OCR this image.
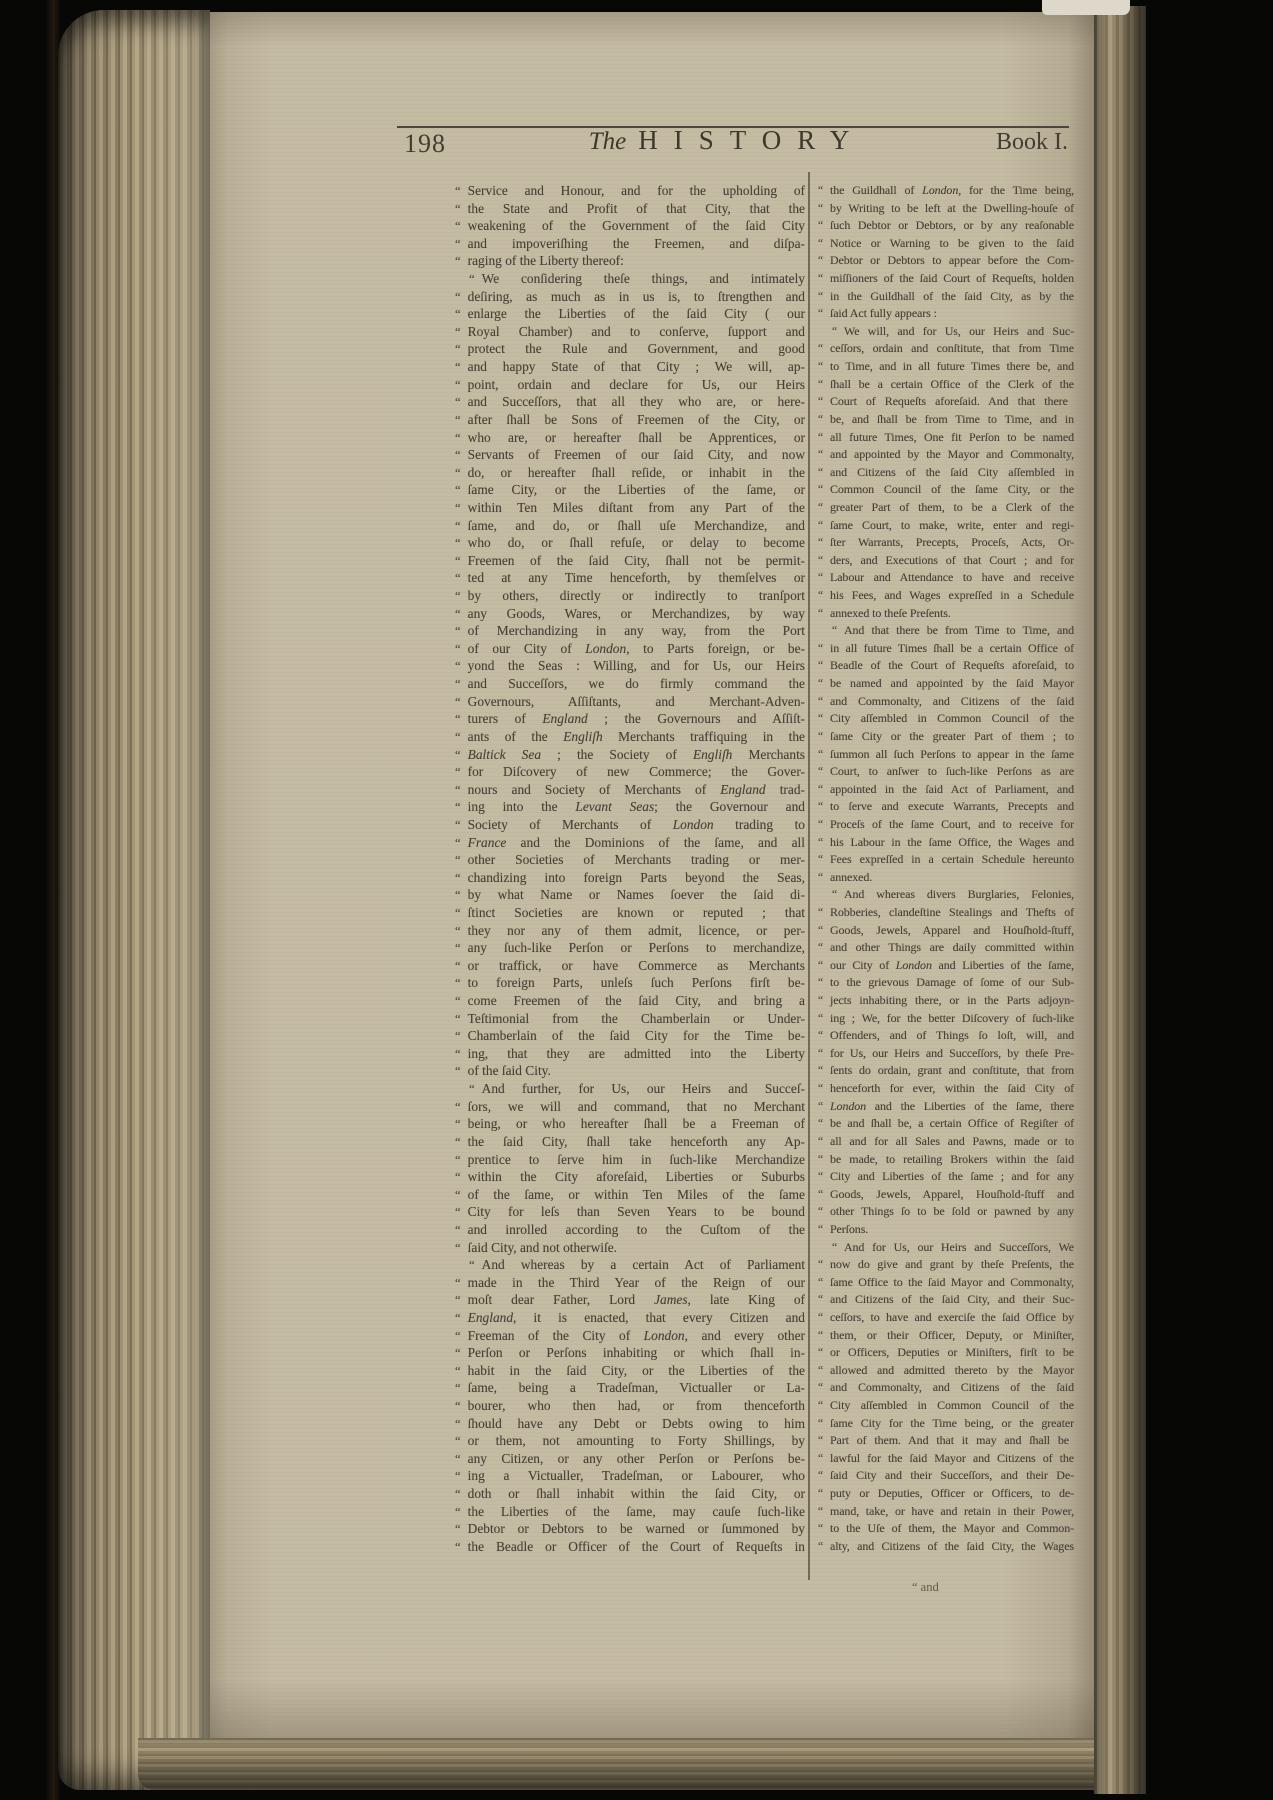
198	The HISTORY	Book I.
“ Service and Honour, and for the upholding of
“ the State and Profit of that City, that the
“ weakening of the Government of the ſaid City
“ and impoveriſhing the Freemen, and diſpa-
“ raging of the Liberty thereof:
“ We conſidering theſe things, and intimately
“ deſiring, as much as in us is, to ſtrengthen and
“ enlarge the Liberties of the ſaid City ( our
“ Royal Chamber) and to conſerve, ſupport and
“ protect the Rule and Government, and good
“ and happy State of that City ; We will, ap-
“ point, ordain and declare for Us, our Heirs
“ and Succeſſors, that all they who are, or here-
“ after ſhall be Sons of Freemen of the City, or
“ who are, or hereafter ſhall be Apprentices, or
“ Servants of Freemen of our ſaid City, and now
“ do, or hereafter ſhall reſide, or inhabit in the
“ ſame City, or the Liberties of the ſame, or
“ within Ten Miles diſtant from any Part of the
“ ſame, and do, or ſhall uſe Merchandize, and
“ who do, or ſhall refuſe, or delay to become
“ Freemen of the ſaid City, ſhall not be permit-
“ ted at any Time henceforth, by themſelves or
“ by others, directly or indirectly to tranſport
“ any Goods, Wares, or Merchandizes, by way
“ of Merchandizing in any way, from the Port
“ of our City of London, to Parts foreign, or be-
“ yond the Seas : Willing, and for Us, our Heirs
“ and Succeſſors, we do firmly command the
“ Governours, Aſſiſtants, and Merchant-Adven-
“ turers of England ; the Governours and Aſſiſt-
“ ants of the Engliſh Merchants traffiquing in the
“ Baltick Sea ; the Society of Engliſh Merchants
“ for Diſcovery of new Commerce; the Gover-
“ nours and Society of Merchants of England trad-
“ ing into the Levant Seas; the Governour and
“ Society of Merchants of London trading to
“ France and the Dominions of the ſame, and all
“ other Societies of Merchants trading or mer-
“ chandizing into foreign Parts beyond the Seas,
“ by what Name or Names ſoever the ſaid di-
“ ſtinct Societies are known or reputed ; that
“ they nor any of them admit, licence, or per-
“ any ſuch-like Perſon or Perſons to merchandize,
“ or traffick, or have Commerce as Merchants
“ to foreign Parts, unleſs ſuch Perſons firſt be-
“ come Freemen of the ſaid City, and bring a
“ Teſtimonial from the Chamberlain or Under-
“ Chamberlain of the ſaid City for the Time be-
“ ing, that they are admitted into the Liberty
“ of the ſaid City.
“ And further, for Us, our Heirs and Succeſ-
“ ſors, we will and command, that no Merchant
“ being, or who hereafter ſhall be a Freeman of
“ the ſaid City, ſhall take henceforth any Ap-
“ prentice to ſerve him in ſuch-like Merchandize
“ within the City aforeſaid, Liberties or Suburbs
“ of the ſame, or within Ten Miles of the ſame
“ City for leſs than Seven Years to be bound
“ and inrolled according to the Cuſtom of the
“ ſaid City, and not otherwiſe.
“ And whereas by a certain Act of Parliament
“ made in the Third Year of the Reign of our
“ moſt dear Father, Lord James, late King of
“ England, it is enacted, that every Citizen and
“ Freeman of the City of London, and every other
“ Perſon or Perſons inhabiting or which ſhall in-
“ habit in the ſaid City, or the Liberties of the
“ ſame, being a Tradeſman, Victualler or La-
“ bourer, who then had, or from thenceforth
“ ſhould have any Debt or Debts owing to him
“ or them, not amounting to Forty Shillings, by
“ any Citizen, or any other Perſon or Perſons be-
“ ing a Victualler, Tradeſman, or Labourer, who
“ doth or ſhall inhabit within the ſaid City, or
“ the Liberties of the ſame, may cauſe ſuch-like
“ Debtor or Debtors to be warned or ſummoned by
“ the Beadle or Officer of the Court of Requeſts in
“ the Guildhall of London, for the Time being,
“ by Writing to be left at the Dwelling-houſe of
“ ſuch Debtor or Debtors, or by any reaſonable
“ Notice or Warning to be given to the ſaid
“ Debtor or Debtors to appear before the Com-
“ miſſioners of the ſaid Court of Requeſts, holden
“ in the Guildhall of the ſaid City, as by the
“ ſaid Act fully appears :
“ We will, and for Us, our Heirs and Suc-
“ ceſſors, ordain and conſtitute, that from Time
“ to Time, and in all future Times there be, and
“ ſhall be a certain Office of the Clerk of the
“ Court of Requeſts aforeſaid. And that there
“ be, and ſhall be from Time to Time, and in
“ all future Times, One fit Perſon to be named
“ and appointed by the Mayor and Commonalty,
“ and Citizens of the ſaid City aſſembled in
“ Common Council of the ſame City, or the
“ greater Part of them, to be a Clerk of the
“ ſame Court, to make, write, enter and regi-
“ ſter Warrants, Precepts, Proceſs, Acts, Or-
“ ders, and Executions of that Court ; and for
“ Labour and Attendance to have and receive
“ his Fees, and Wages expreſſed in a Schedule
“ annexed to theſe Preſents.
“ And that there be from Time to Time, and
“ in all future Times ſhall be a certain Office of
“ Beadle of the Court of Requeſts aforeſaid, to
“ be named and appointed by the ſaid Mayor
“ and Commonalty, and Citizens of the ſaid
“ City aſſembled in Common Council of the
“ ſame City or the greater Part of them ; to
“ ſummon all ſuch Perſons to appear in the ſame
“ Court, to anſwer to ſuch-like Perſons as are
“ appointed in the ſaid Act of Parliament, and
“ to ſerve and execute Warrants, Precepts and
“ Proceſs of the ſame Court, and to receive for
“ his Labour in the ſame Office, the Wages and
“ Fees expreſſed in a certain Schedule hereunto
“ annexed.
“ And whereas divers Burglaries, Felonies,
“ Robberies, clandeſtine Stealings and Thefts of
“ Goods, Jewels, Apparel and Houſhold-ſtuff,
“ and other Things are daily committed within
“ our City of London and Liberties of the ſame,
“ to the grievous Damage of ſome of our Sub-
“ jects inhabiting there, or in the Parts adjoyn-
“ ing ; We, for the better Diſcovery of ſuch-like
“ Offenders, and of Things ſo loſt, will, and
“ for Us, our Heirs and Succeſſors, by theſe Pre-
“ ſents do ordain, grant and conſtitute, that from
“ henceforth for ever, within the ſaid City of
“ London and the Liberties of the ſame, there
“ be and ſhall be, a certain Office of Regiſter of
“ all and for all Sales and Pawns, made or to
“ be made, to retailing Brokers within the ſaid
“ City and Liberties of the ſame ; and for any
“ Goods, Jewels, Apparel, Houſhold-ſtuff and
“ other Things ſo to be ſold or pawned by any
“ Perſons.
“ And for Us, our Heirs and Succeſſors, We
“ now do give and grant by theſe Preſents, the
“ ſame Office to the ſaid Mayor and Commonalty,
“ and Citizens of the ſaid City, and their Suc-
“ ceſſors, to have and exerciſe the ſaid Office by
“ them, or their Officer, Deputy, or Miniſter,
“ or Officers, Deputies or Miniſters, firſt to be
“ allowed and admitted thereto by the Mayor
“ and Commonalty, and Citizens of the ſaid
“ City aſſembled in Common Council of the
“ ſame City for the Time being, or the greater
“ Part of them. And that it may and ſhall be
“ lawful for the ſaid Mayor and Citizens of the
“ ſaid City and their Succeſſors, and their De-
“ puty or Deputies, Officer or Officers, to de-
“ mand, take, or have and retain in their Power,
“ to the Uſe of them, the Mayor and Common-
“ alty, and Citizens of the ſaid City, the Wages
“ and
